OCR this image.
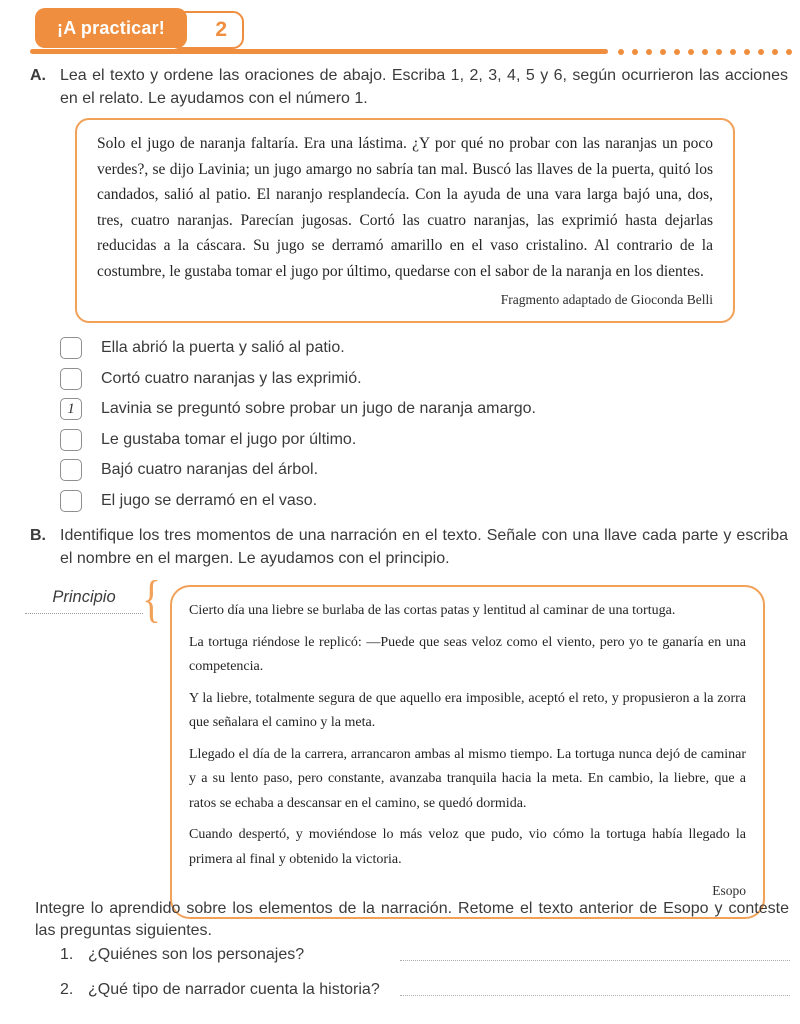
2
¡A practicar!
A. Lea el texto y ordene las oraciones de abajo. Escriba 1, 2, 3, 4, 5 y 6, según ocurrieron las acciones en el relato. Le ayudamos con el número 1.

Solo el jugo de naranja faltaría. Era una lástima. ¿Y por qué no probar con las naranjas un poco verdes?, se dijo Lavinia; un jugo amargo no sabría tan mal. Buscó las llaves de la puerta, quitó los candados, salió al patio. El naranjo resplandecía. Con la ayuda de una vara larga bajó una, dos, tres, cuatro naranjas. Parecían jugosas. Cortó las cuatro naranjas, las exprimió hasta dejarlas reducidas a la cáscara. Su jugo se derramó amarillo en el vaso cristalino. Al contrario de la costumbre, le gustaba tomar el jugo por último, quedarse con el sabor de la naranja en los dientes.

Fragmento adaptado de Gioconda Belli

Ella abrió la puerta y salió al patio.
Cortó cuatro naranjas y las exprimió.
1	Lavinia se preguntó sobre probar un jugo de naranja amargo.
Le gustaba tomar el jugo por último.
Bajó cuatro naranjas del árbol.
El jugo se derramó en el vaso.
B. Identifique los tres momentos de una narración en el texto. Señale con una llave cada parte y escriba el nombre en el margen. Le ayudamos con el principio.
Principio { Cierto día una liebre se burlaba de las cortas patas y lentitud al caminar de una tortuga.

La tortuga riéndose le replicó: —Puede que seas veloz como el viento, pero yo te ganaría en una competencia.

Y la liebre, totalmente segura de que aquello era imposible, aceptó el reto, y propusieron a la zorra que señalara el camino y la meta.

Llegado el día de la carrera, arrancaron ambas al mismo tiempo. La tortuga nunca dejó de caminar y a su lento paso, pero constante, avanzaba tranquila hacia la meta. En cambio, la liebre, que a ratos se echaba a descansar en el camino, se quedó dormida.

Cuando despertó, y moviéndose lo más veloz que pudo, vio cómo la tortuga había llegado la primera al final y obtenido la victoria.

Esopo

Integre lo aprendido sobre los elementos de la narración. Retome el texto anterior de Esopo y conteste las preguntas siguientes.
1. ¿Quiénes son los personajes?
2. ¿Qué tipo de narrador cuenta la historia?
